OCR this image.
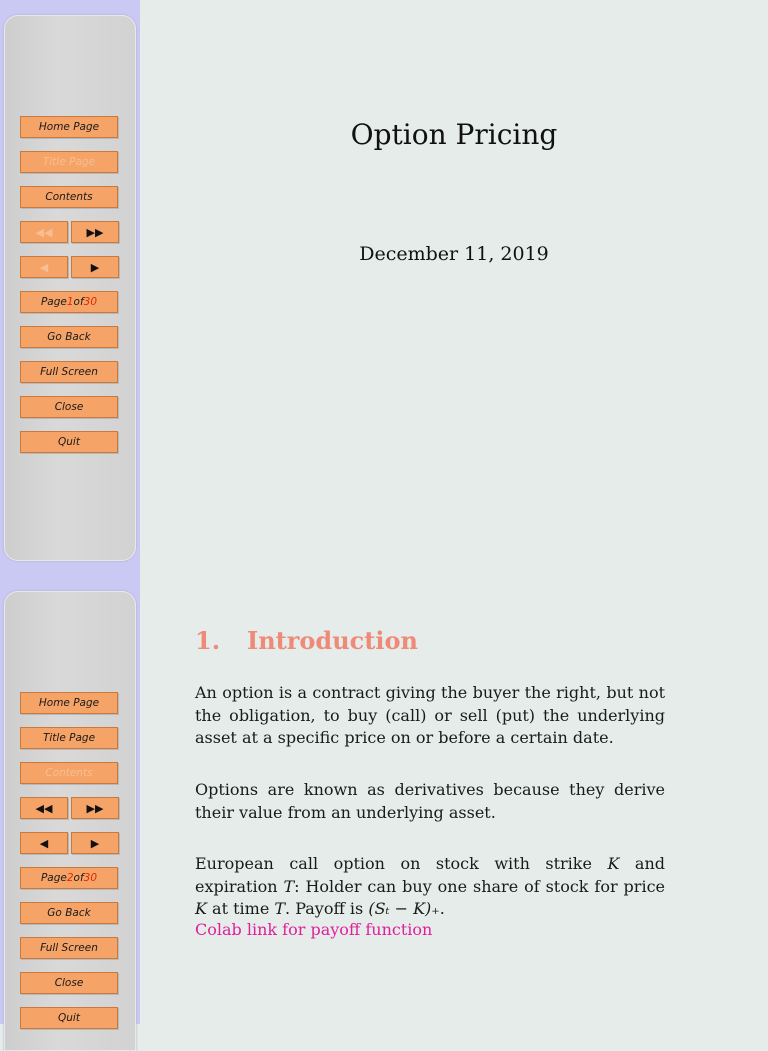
Home Page
Title Page
Contents
◀◀	▶▶
◀	▶
Page 1 of 30
Go Back
Full Screen
Close
Quit
Option Pricing
December 11, 2019
Home Page
Title Page
Contents
◀◀	▶▶
◀	▶
Page 2 of 30
Go Back
Full Screen
Close
Quit
1. Introduction

An option is a contract giving the buyer the right, but not the obligation, to buy (call) or sell (put) the underlying asset at a specific price on or before a certain date.

Options are known as derivatives because they derive their value from an underlying asset.

European call option on stock with strike K and expiration T: Holder can buy one share of stock for price K at time T. Payoff is (Sₜ − K)₊.

Colab link for payoff function
